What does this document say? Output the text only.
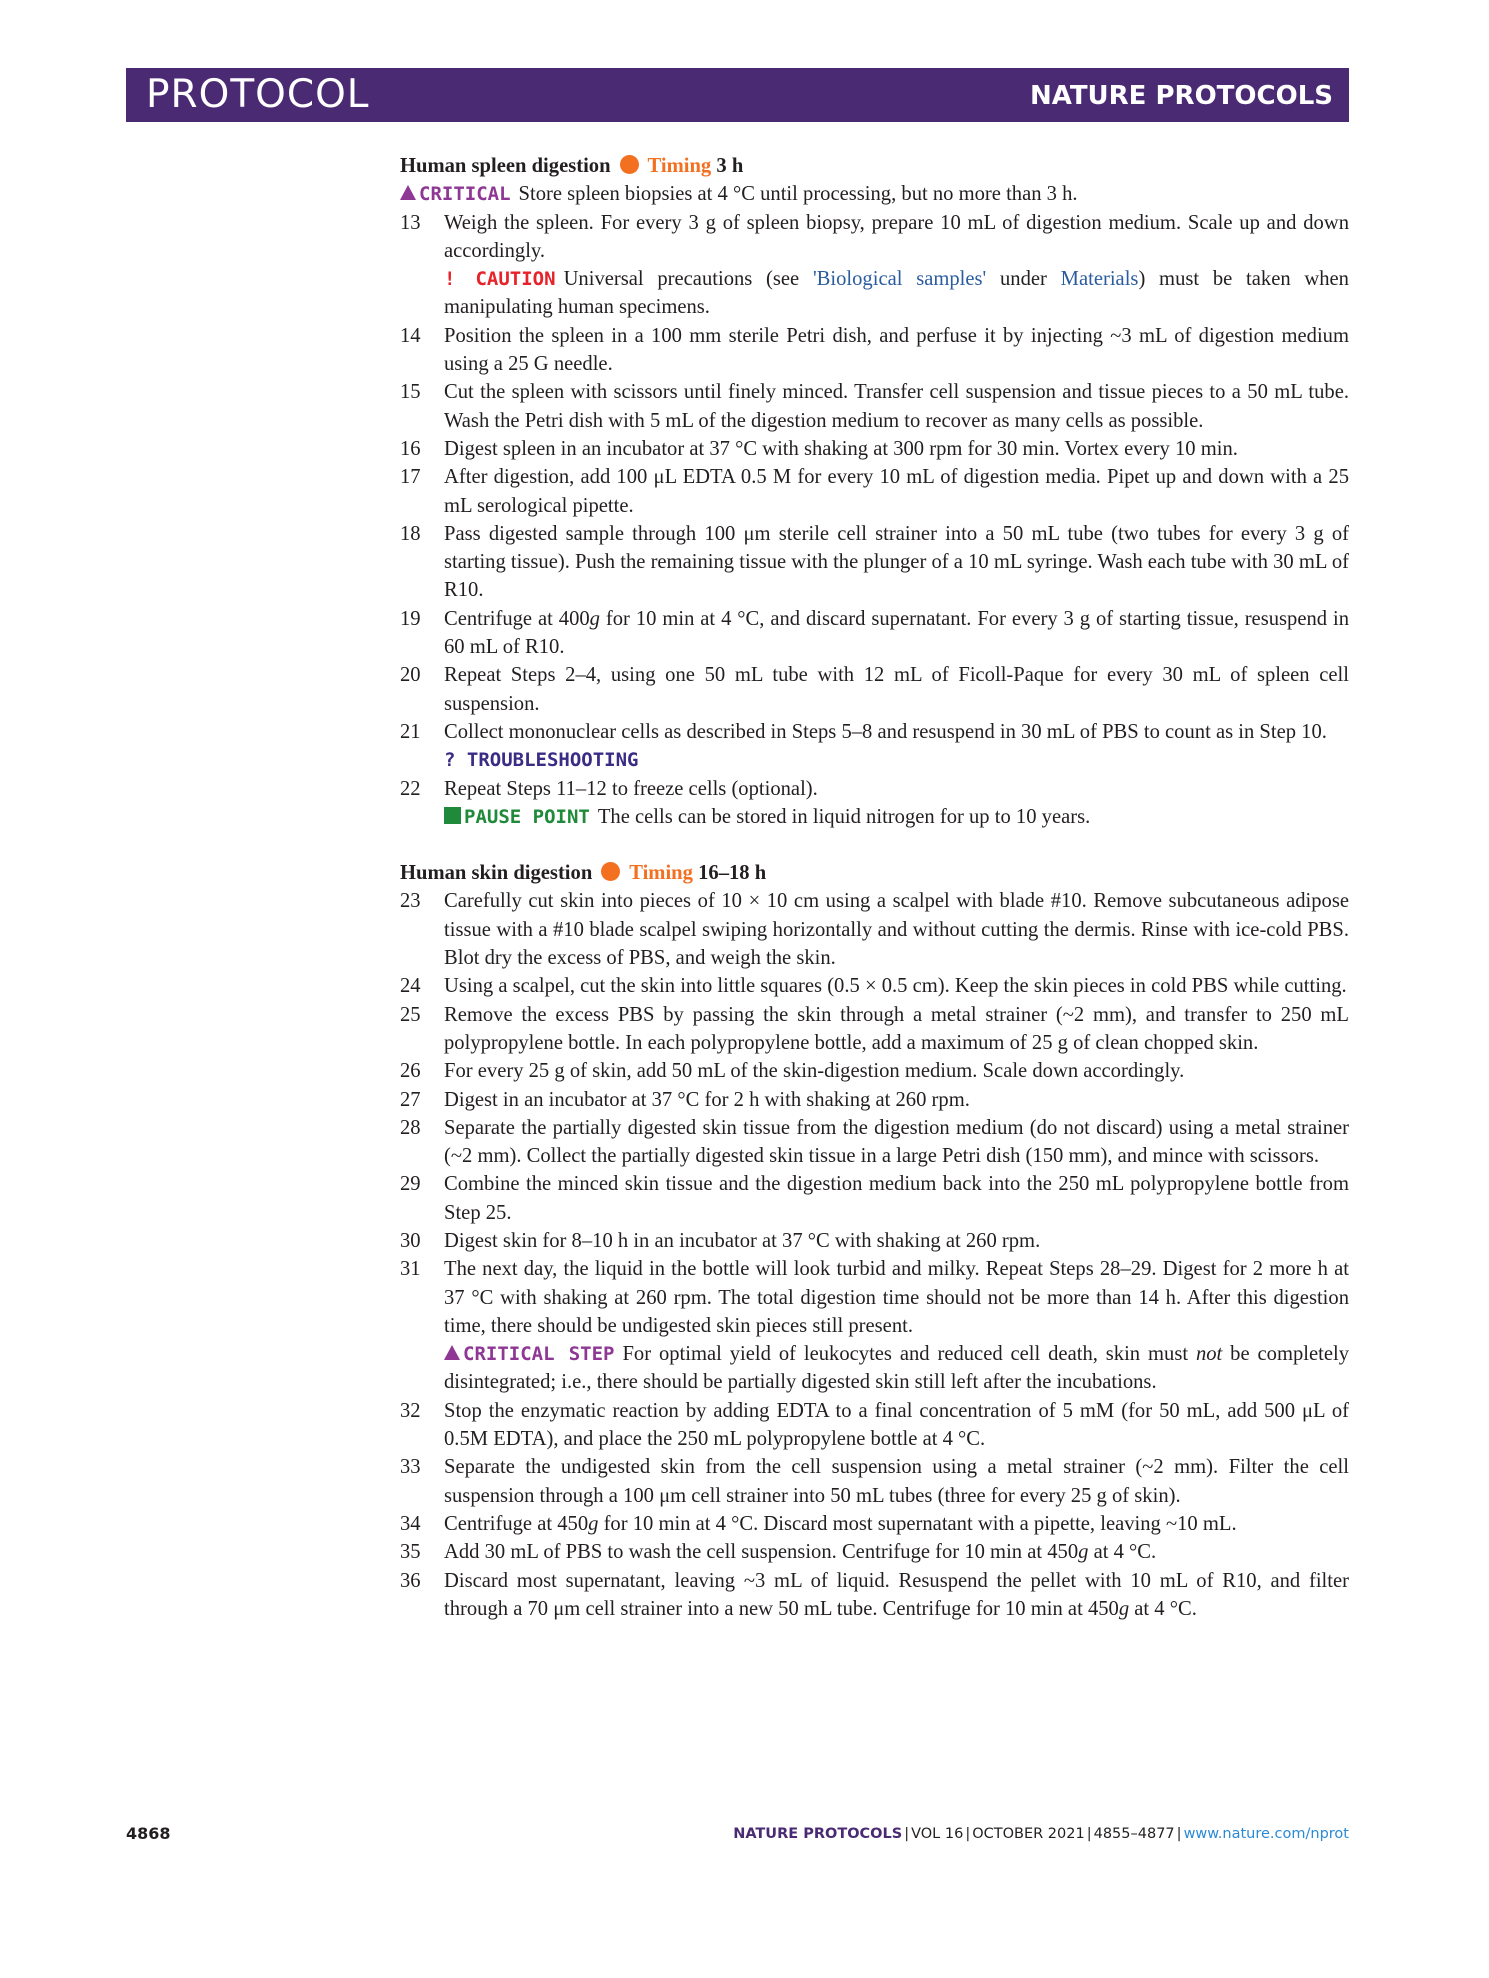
PROTOCOL	NATURE PROTOCOLS
Human spleen digestion Timing 3 h
CRITICAL Store spleen biopsies at 4 °C until processing, but no more than 3 h.
13 Weigh the spleen. For every 3 g of spleen biopsy, prepare 10 mL of digestion medium. Scale up and down accordingly.
! CAUTION Universal precautions (see 'Biological samples' under Materials) must be taken when manipulating human specimens.
14 Position the spleen in a 100 mm sterile Petri dish, and perfuse it by injecting ~3 mL of digestion medium using a 25 G needle.
15 Cut the spleen with scissors until finely minced. Transfer cell suspension and tissue pieces to a 50 mL tube. Wash the Petri dish with 5 mL of the digestion medium to recover as many cells as possible.
16 Digest spleen in an incubator at 37 °C with shaking at 300 rpm for 30 min. Vortex every 10 min.
17 After digestion, add 100 μL EDTA 0.5 M for every 10 mL of digestion media. Pipet up and down with a 25 mL serological pipette.
18 Pass digested sample through 100 μm sterile cell strainer into a 50 mL tube (two tubes for every 3 g of starting tissue). Push the remaining tissue with the plunger of a 10 mL syringe. Wash each tube with 30 mL of R10.
19 Centrifuge at 400g for 10 min at 4 °C, and discard supernatant. For every 3 g of starting tissue, resuspend in 60 mL of R10.
20 Repeat Steps 2–4, using one 50 mL tube with 12 mL of Ficoll-Paque for every 30 mL of spleen cell suspension.
21 Collect mononuclear cells as described in Steps 5–8 and resuspend in 30 mL of PBS to count as in Step 10.
? TROUBLESHOOTING
22 Repeat Steps 11–12 to freeze cells (optional).
PAUSE POINT The cells can be stored in liquid nitrogen for up to 10 years.
Human skin digestion Timing 16–18 h
23 Carefully cut skin into pieces of 10 × 10 cm using a scalpel with blade #10. Remove subcutaneous adipose tissue with a #10 blade scalpel swiping horizontally and without cutting the dermis. Rinse with ice-cold PBS. Blot dry the excess of PBS, and weigh the skin.
24 Using a scalpel, cut the skin into little squares (0.5 × 0.5 cm). Keep the skin pieces in cold PBS while cutting.
25 Remove the excess PBS by passing the skin through a metal strainer (~2 mm), and transfer to 250 mL polypropylene bottle. In each polypropylene bottle, add a maximum of 25 g of clean chopped skin.
26 For every 25 g of skin, add 50 mL of the skin-digestion medium. Scale down accordingly.
27 Digest in an incubator at 37 °C for 2 h with shaking at 260 rpm.
28 Separate the partially digested skin tissue from the digestion medium (do not discard) using a metal strainer (~2 mm). Collect the partially digested skin tissue in a large Petri dish (150 mm), and mince with scissors.
29 Combine the minced skin tissue and the digestion medium back into the 250 mL polypropylene bottle from Step 25.
30 Digest skin for 8–10 h in an incubator at 37 °C with shaking at 260 rpm.
31 The next day, the liquid in the bottle will look turbid and milky. Repeat Steps 28–29. Digest for 2 more h at 37 °C with shaking at 260 rpm. The total digestion time should not be more than 14 h. After this digestion time, there should be undigested skin pieces still present.
CRITICAL STEP For optimal yield of leukocytes and reduced cell death, skin must not be completely disintegrated; i.e., there should be partially digested skin still left after the incubations.
32 Stop the enzymatic reaction by adding EDTA to a final concentration of 5 mM (for 50 mL, add 500 μL of 0.5M EDTA), and place the 250 mL polypropylene bottle at 4 °C.
33 Separate the undigested skin from the cell suspension using a metal strainer (~2 mm). Filter the cell suspension through a 100 μm cell strainer into 50 mL tubes (three for every 25 g of skin).
34 Centrifuge at 450g for 10 min at 4 °C. Discard most supernatant with a pipette, leaving ~10 mL.
35 Add 30 mL of PBS to wash the cell suspension. Centrifuge for 10 min at 450g at 4 °C.
36 Discard most supernatant, leaving ~3 mL of liquid. Resuspend the pellet with 10 mL of R10, and filter through a 70 μm cell strainer into a new 50 mL tube. Centrifuge for 10 min at 450g at 4 °C.
4868	NATURE PROTOCOLS | VOL 16 | OCTOBER 2021 | 4855–4877 | www.nature.com/nprot
